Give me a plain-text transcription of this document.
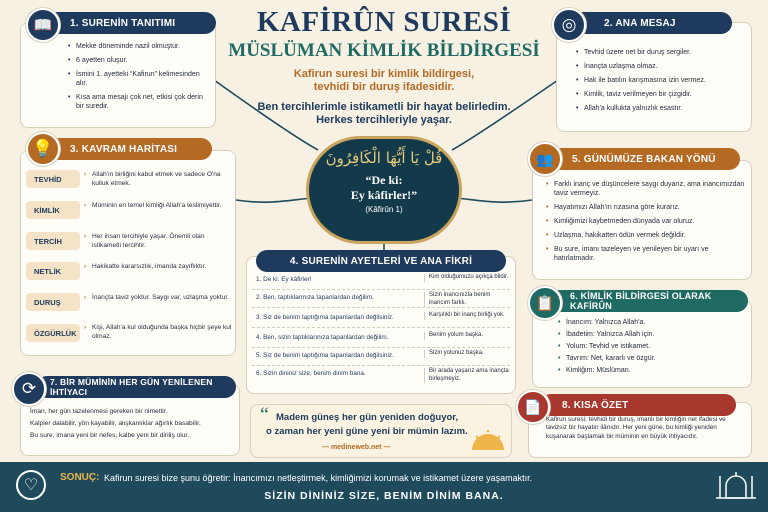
KAFİRÛN SURESİ
MÜSLÜMAN KİMLİK BİLDİRGESİ
Kafirun suresi bir kimlik bildirgesi,
tevhidi bir duruş ifadesidir.
Ben tercihlerimle istikametli bir hayat belirledim.
Herkes tercihleriyle yaşar.
قُلْ يَا أَيُّهَا الْكَافِرُونَ
“De ki:
Ey kâfirler!”
(Kâfirûn 1)
1. SURENİN TANITIMI
📖
• Mekke döneminde nazil olmuştur.
• 6 ayetten oluşur.
• İsmini 1. ayetteki “Kafirun” kelimesinden alır.
• Kısa ama mesajı çok net, etkisi çok derin bir suredir.
2. ANA MESAJ
◎
• Tevhid üzere net bir duruş sergiler.
• İnançta uzlaşma olmaz.
• Hak ile batılın karışmasına izin vermez.
• Kimlik, taviz verilmeyen bir çizgidir.
• Allah'a kullukta yalnızlık esastır.
3. KAVRAM HARİTASI
💡
TEVHİD	› Allah'ın birliğini kabul etmek ve sadece O'na kulluk etmek.
KİMLİK	› Müminin en temel kimliği Allah'a teslimiyettir.
TERCİH	› Her insan tercihiyle yaşar. Önemli olan istikametli tercihtir.
NETLİK	› Hakikatte kararsızlık, imanda zayıflıktır.
DURUŞ	› İnançta taviz yoktur. Saygı var, uzlaşma yoktur.
ÖZGÜRLÜK
› Kişi, Allah'a kul olduğunda başka hiçbir şeye kul olmaz.
4. SURENİN AYETLERİ VE ANA FİKRİ
1. De ki: Ey kâfirler!	Kim olduğumuzu açıkça bildir.
2. Ben, taptıklarınıza tapanlardan değilim.	Sizin inancınızla benim inancım farklı.
3. Siz de benim taptığıma tapanlardan değilsiniz.	Karşılıklı bir inanç birliği yok.
4. Ben, sizin taptıklarınıza tapanlardan değilim.	Benim yolum başka.
5. Siz de benim taptığıma tapanlardan değilsiniz.	Sizin yolunuz başka.
6. Sizin dininiz size, benim dinim bana.	Bir arada yaşarız ama inançta birleşmeyiz.
5. GÜNÜMÜZE BAKAN YÖNÜ
👥
• Farklı inanç ve düşüncelere saygı duyarız, ama inancımızdan taviz vermeyiz.
• Hayatımızı Allah'ın rızasına göre kurarız.
• Kimliğimizi kaybetmeden dünyada var oluruz.
• Uzlaşma, hakikatten ödün vermek değildir.
• Bu sure, imanı tazeleyen ve yenileyen bir uyarı ve hatırlatmadır.
6. KİMLİK BİLDİRGESİ OLARAK KAFİRÛN
📋
• İnancım: Yalnızca Allah'a.
• İbadetim: Yalnızca Allah için.
• Yolum: Tevhid ve istikamet.
• Tavrım: Net, kararlı ve özgür.
• Kimliğim: Müslüman.
7. BİR MÜMİNİN HER GÜN YENİLENEN İHTİYACI
⟳
İman, her gün tazelenmesi gereken bir nimettir.
Kalpler dalabilir, yön kayabilir, alışkanlıklar ağırlık basabilir.
Bu sure, imana yeni bir nefes, kalbe yeni bir diriliş olur.
“ Madem güneş her gün yeniden doğuyor,
o zaman her yeni güne yeni bir mümin lazım.
— medineweb.net —
8. KISA ÖZET
📄
Kafirun suresi; tevhidi bir duruş, imanlı bir kimliğin net ifadesi ve tavizsiz bir hayatın ilânıdır. Her yeni güne, bu kimliği yeniden kuşanarak başlamak bir müminin en büyük ihtiyacıdır.
♡	SONUÇ: Kafirun suresi bize şunu öğretir: İnancımızı netleştirmek, kimliğimizi korumak ve istikamet üzere yaşamaktır.
SİZİN DİNİNİZ SİZE, BENİM DİNİM BANA.
